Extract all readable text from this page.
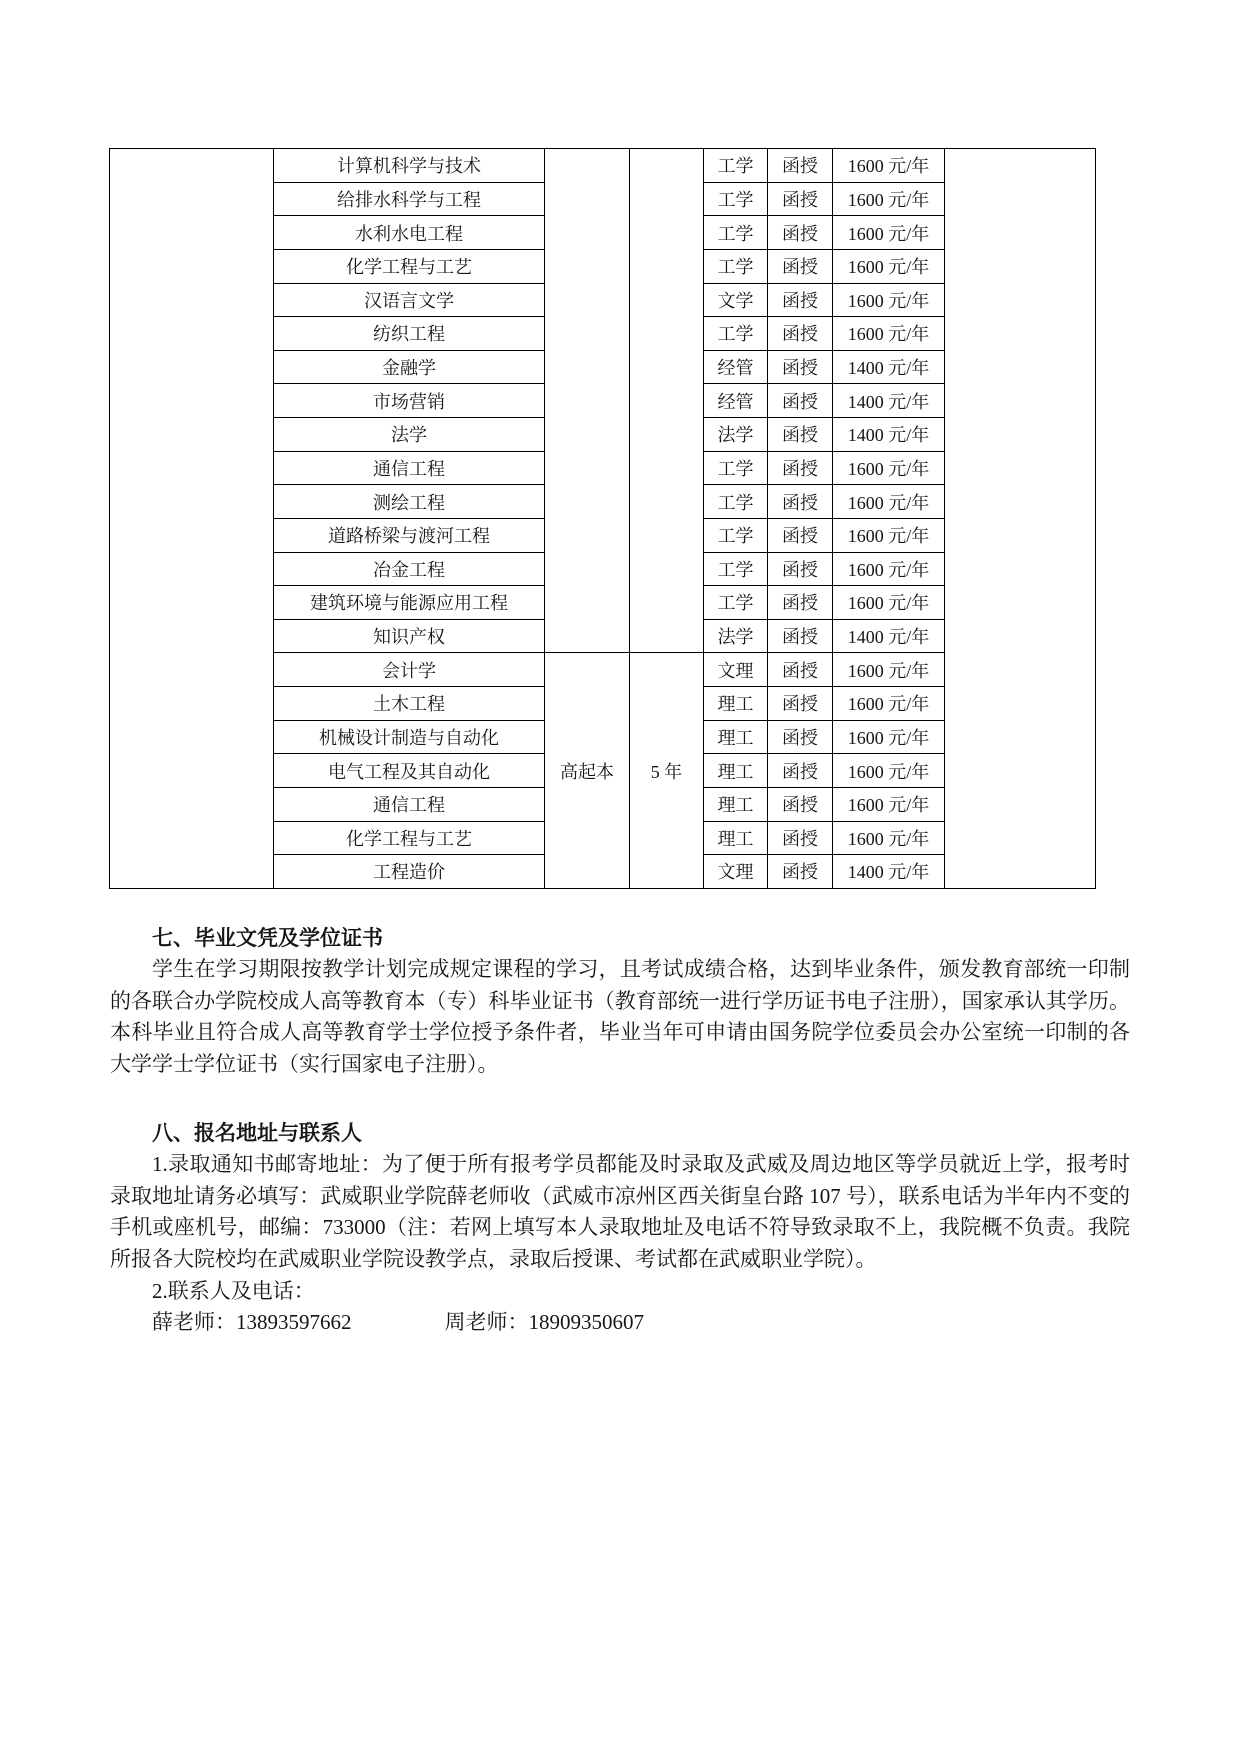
	计算机科学与技术			工学	函授	1600 元/年	
	给排水科学与工程			工学	函授	1600 元/年	
	水利水电工程			工学	函授	1600 元/年	
	化学工程与工艺			工学	函授	1600 元/年	
	汉语言文学			文学	函授	1600 元/年	
	纺织工程			工学	函授	1600 元/年	
	金融学			经管	函授	1400 元/年	
	市场营销			经管	函授	1400 元/年	
	法学			法学	函授	1400 元/年	
	通信工程			工学	函授	1600 元/年	
	测绘工程			工学	函授	1600 元/年	
	道路桥梁与渡河工程			工学	函授	1600 元/年	
	冶金工程			工学	函授	1600 元/年	
	建筑环境与能源应用工程			工学	函授	1600 元/年	
	知识产权			法学	函授	1400 元/年	
	会计学	高起本	5 年	文理	函授	1600 元/年	
	土木工程			理工	函授	1600 元/年	
	机械设计制造与自动化			理工	函授	1600 元/年	
	电气工程及其自动化			理工	函授	1600 元/年	
	通信工程			理工	函授	1600 元/年	
	化学工程与工艺			理工	函授	1600 元/年	
	工程造价			文理	函授	1400 元/年	
七、毕业文凭及学位证书

学生在学习期限按教学计划完成规定课程的学习，且考试成绩合格，达到毕业条件，颁发教育部统一印制的各联合办学院校成人高等教育本（专）科毕业证书（教育部统一进行学历证书电子注册），国家承认其学历。本科毕业且符合成人高等教育学士学位授予条件者，毕业当年可申请由国务院学位委员会办公室统一印制的各大学学士学位证书（实行国家电子注册）。

八、报名地址与联系人

1.录取通知书邮寄地址：为了便于所有报考学员都能及时录取及武威及周边地区等学员就近上学，报考时录取地址请务必填写：武威职业学院薛老师收（武威市凉州区西关街皇台路 107 号），联系电话为半年内不变的手机或座机号，邮编：733000（注：若网上填写本人录取地址及电话不符导致录取不上，我院概不负责。我院所报各大院校均在武威职业学院设教学点，录取后授课、考试都在武威职业学院）。

2.联系人及电话：

薛老师：13893597662	周老师：18909350607
